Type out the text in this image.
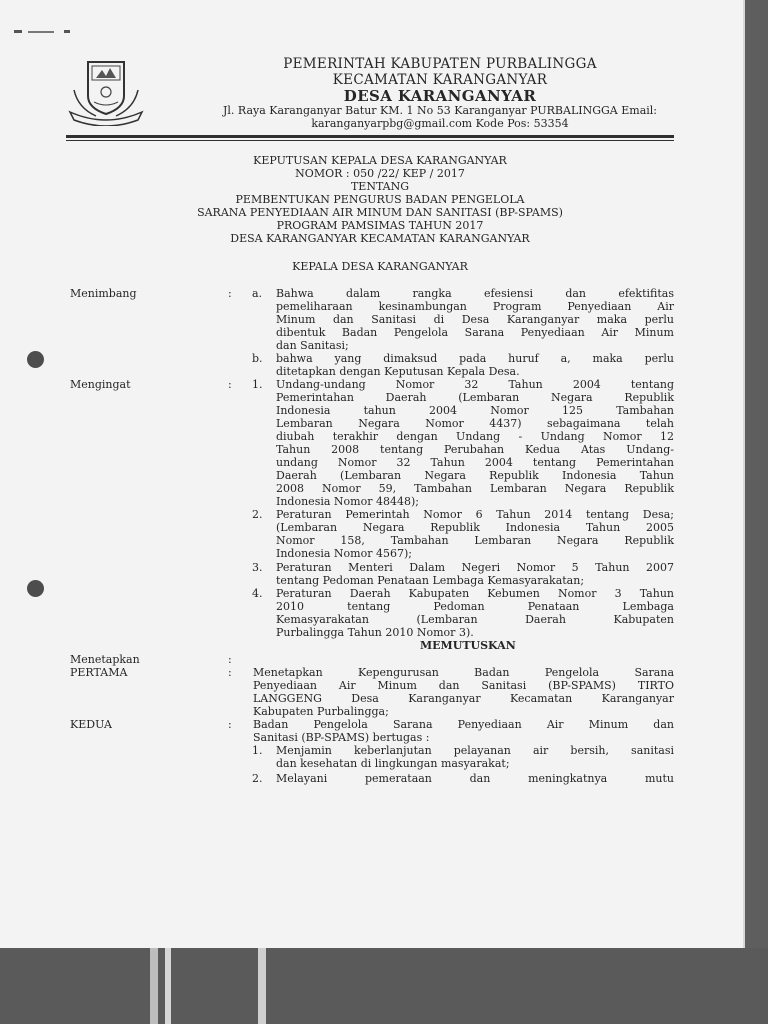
PEMERINTAH KABUPATEN PURBALINGGA
KECAMATAN KARANGANYAR
DESA KARANGANYAR
Jl. Raya Karanganyar Batur KM. 1 No 53 Karanganyar PURBALINGGA Email:
karanganyarpbg@gmail.com Kode Pos: 53354
KEPUTUSAN KEPALA DESA KARANGANYAR
NOMOR : 050 /22/ KEP / 2017
TENTANG
PEMBENTUKAN PENGURUS BADAN PENGELOLA
SARANA PENYEDIAAN AIR MINUM DAN SANITASI (BP-SPAMS)
PROGRAM PAMSIMAS TAHUN 2017
DESA KARANGANYAR KECAMATAN KARANGANYAR
KEPALA DESA KARANGANYAR
Menimbang	: a. Bahwa dalam rangka efesiensi dan efektifitas
pemeliharaan kesinambungan Program Penyediaan Air
Minum dan Sanitasi di Desa Karanganyar maka perlu
dibentuk Badan Pengelola Sarana Penyediaan Air Minum
dan Sanitasi;
b. bahwa yang dimaksud pada huruf a, maka perlu
ditetapkan dengan Keputusan Kepala Desa.
Mengingat	: 1. Undang-undang Nomor 32 Tahun 2004 tentang
Pemerintahan Daerah (Lembaran Negara Republik
Indonesia tahun 2004 Nomor 125 Tambahan
Lembaran Negara Nomor 4437) sebagaimana telah
diubah terakhir dengan Undang - Undang Nomor 12
Tahun 2008 tentang Perubahan Kedua Atas Undang-
undang Nomor 32 Tahun 2004 tentang Pemerintahan
Daerah (Lembaran Negara Republik Indonesia Tahun
2008 Nomor 59, Tambahan Lembaran Negara Republik
Indonesia Nomor 48448);
2. Peraturan Pemerintah Nomor 6 Tahun 2014 tentang Desa;
(Lembaran Negara Republik Indonesia Tahun 2005
Nomor 158, Tambahan Lembaran Negara Republik
Indonesia Nomor 4567);
3. Peraturan Menteri Dalam Negeri Nomor 5 Tahun 2007
tentang Pedoman Penataan Lembaga Kemasyarakatan;
4. Peraturan Daerah Kabupaten Kebumen Nomor 3 Tahun
2010 tentang Pedoman Penataan Lembaga
Kemasyarakatan (Lembaran Daerah Kabupaten
Purbalingga Tahun 2010 Nomor 3).
MEMUTUSKAN
Menetapkan	:
PERTAMA	: Menetapkan Kepengurusan Badan Pengelola Sarana
Penyediaan Air Minum dan Sanitasi (BP-SPAMS) TIRTO
LANGGENG Desa Karanganyar Kecamatan Karanganyar
Kabupaten Purbalingga;
KEDUA	: Badan Pengelola Sarana Penyediaan Air Minum dan
Sanitasi (BP-SPAMS) bertugas :
1. Menjamin keberlanjutan pelayanan air bersih, sanitasi
dan kesehatan di lingkungan masyarakat;
2. Melayani pemerataan dan meningkatnya mutu
